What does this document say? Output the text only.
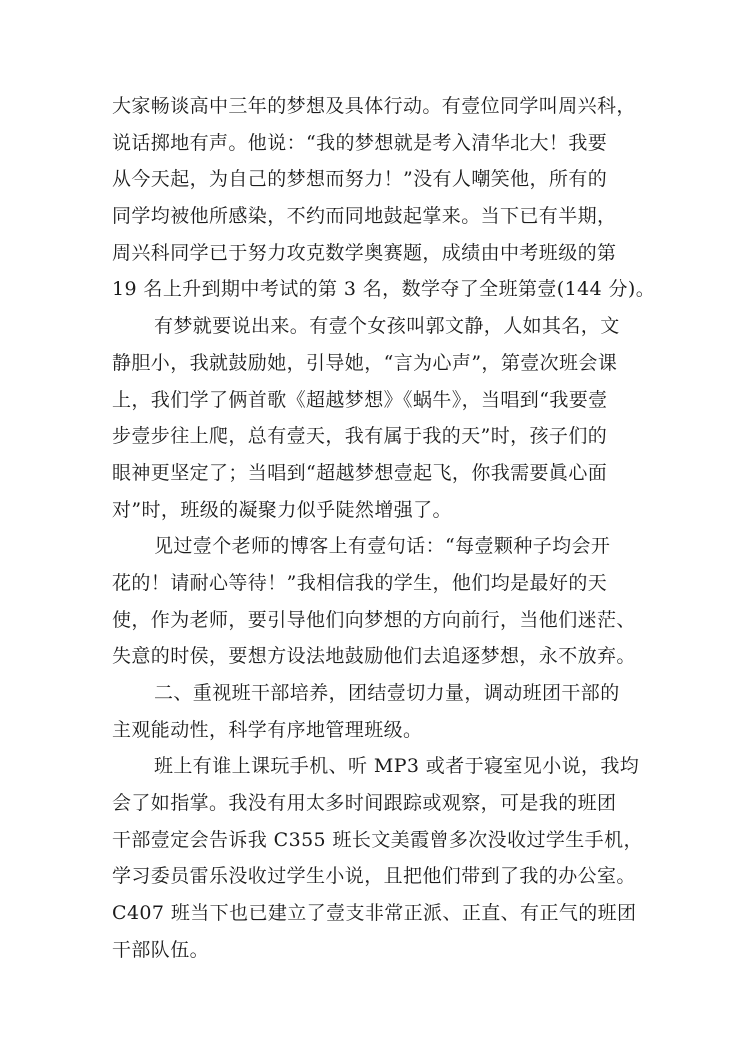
大家畅谈高中三年的梦想及具体行动。有壹位同学叫周兴科，
说话掷地有声。他说：“我的梦想就是考入清华北大！我要
从今天起，为自己的梦想而努力！”没有人嘲笑他，所有的
同学均被他所感染，不约而同地鼓起掌来。当下已有半期，
周兴科同学已于努力攻克数学奥赛题，成绩由中考班级的第
19 名上升到期中考试的第 3 名，数学夺了全班第壹(144 分)。
有梦就要说出来。有壹个女孩叫郭文静，人如其名，文
静胆小，我就鼓励她，引导她，“言为心声”，第壹次班会课
上，我们学了俩首歌《超越梦想》《蜗牛》，当唱到“我要壹
步壹步往上爬，总有壹天，我有属于我的天”时，孩子们的
眼神更坚定了；当唱到“超越梦想壹起飞，你我需要眞心面
对”时，班级的凝聚力似乎陡然增强了。
见过壹个老师的博客上有壹句话：“每壹颗种子均会开
花的！请耐心等待！”我相信我的学生，他们均是最好的天
使，作为老师，要引导他们向梦想的方向前行，当他们迷茫、
失意的时侯，要想方设法地鼓励他们去追逐梦想，永不放弃。
二、重视班干部培养，团结壹切力量，调动班团干部的
主观能动性，科学有序地管理班级。
班上有谁上课玩手机、听 MP3 或者于寝室见小说，我均
会了如指掌。我没有用太多时间跟踪或观察，可是我的班团
干部壹定会告诉我 C355 班长文美霞曾多次没收过学生手机，
学习委员雷乐没收过学生小说，且把他们带到了我的办公室。
C407 班当下也已建立了壹支非常正派、正直、有正气的班团
干部队伍。
